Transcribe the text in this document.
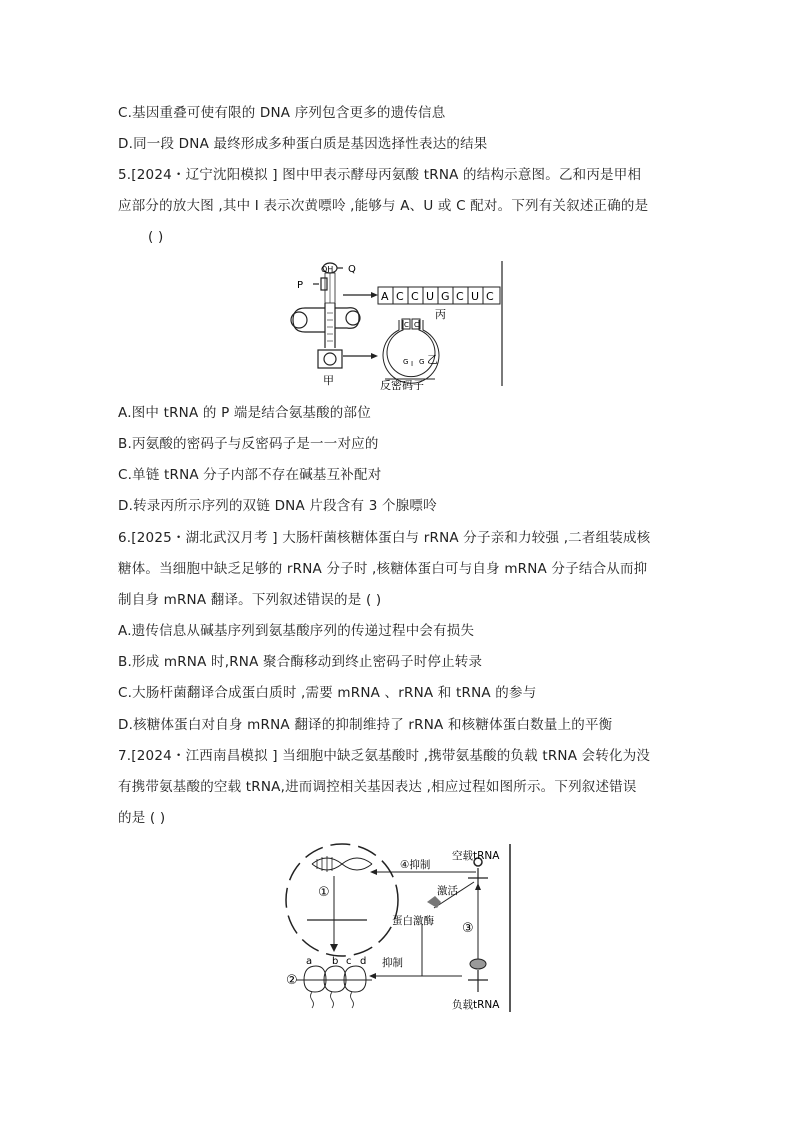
C.基因重叠可使有限的 DNA 序列包含更多的遗传信息
D.同一段 DNA 最终形成多种蛋白质是基因选择性表达的结果
5.[2024・辽宁沈阳模拟 ] 图中甲表示酵母丙氨酸 tRNA 的结构示意图。乙和丙是甲相
应部分的放大图 ,其中 I 表示次黄嘌呤 ,能够与 A、U 或 C 配对。下列有关叙述正确的是
( )
OH Q
P
甲
A C C U G C U C
丙
C C
G I G 乙
反密码子
A.图中 tRNA 的 P 端是结合氨基酸的部位
B.丙氨酸的密码子与反密码子是一一对应的
C.单链 tRNA 分子内部不存在碱基互补配对
D.转录丙所示序列的双链 DNA 片段含有 3 个腺嘌呤
6.[2025・湖北武汉月考 ] 大肠杆菌核糖体蛋白与 rRNA 分子亲和力较强 ,二者组装成核
糖体。当细胞中缺乏足够的 rRNA 分子时 ,核糖体蛋白可与自身 mRNA 分子结合从而抑
制自身 mRNA 翻译。下列叙述错误的是 ( )
A.遗传信息从碱基序列到氨基酸序列的传递过程中会有损失
B.形成 mRNA 时,RNA 聚合酶移动到终止密码子时停止转录
C.大肠杆菌翻译合成蛋白质时 ,需要 mRNA 、rRNA 和 tRNA 的参与
D.核糖体蛋白对自身 mRNA 翻译的抑制维持了 rRNA 和核糖体蛋白数量上的平衡
7.[2024・江西南昌模拟 ] 当细胞中缺乏氨基酸时 ,携带氨基酸的负载 tRNA 会转化为没
有携带氨基酸的空载 tRNA,进而调控相关基因表达 ,相应过程如图所示。下列叙述错误
的是 ( )
空载tRNA
④抑制
激活
蛋白激酶
抑制
负载tRNA
①
②
③
a b c d
